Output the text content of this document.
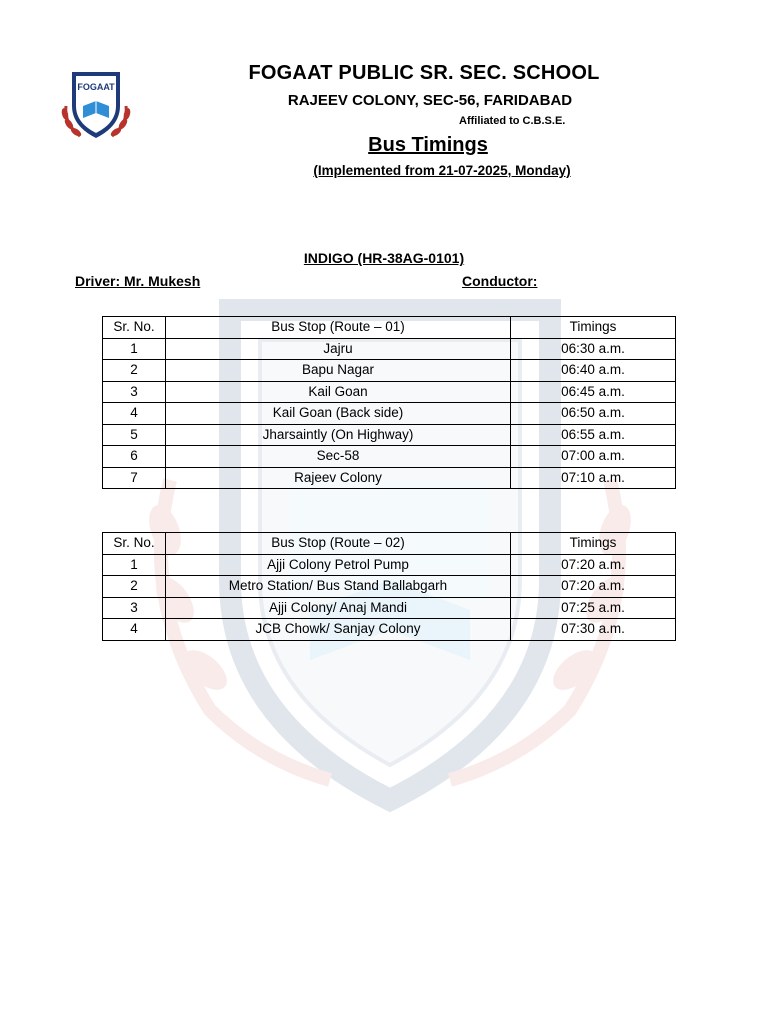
FOGAAT
FOGAAT PUBLIC SR. SEC. SCHOOL
RAJEEV COLONY, SEC-56, FARIDABAD
Affiliated to C.B.S.E.
Bus Timings
(Implemented from 21-07-2025, Monday)
INDIGO (HR-38AG-0101)
Driver: Mr. Mukesh	Conductor:
Sr. No.	Bus Stop (Route – 01)	Timings
1	Jajru	06:30 a.m.
2	Bapu Nagar	06:40 a.m.
3	Kail Goan	06:45 a.m.
4	Kail Goan (Back side)	06:50 a.m.
5	Jharsaintly (On Highway)	06:55 a.m.
6	Sec-58	07:00 a.m.
7	Rajeev Colony	07:10 a.m.
Sr. No.	Bus Stop (Route – 02)	Timings
1	Ajji Colony Petrol Pump	07:20 a.m.
2	Metro Station/ Bus Stand Ballabgarh	07:20 a.m.
3	Ajji Colony/ Anaj Mandi	07:25 a.m.
4	JCB Chowk/ Sanjay Colony	07:30 a.m.
